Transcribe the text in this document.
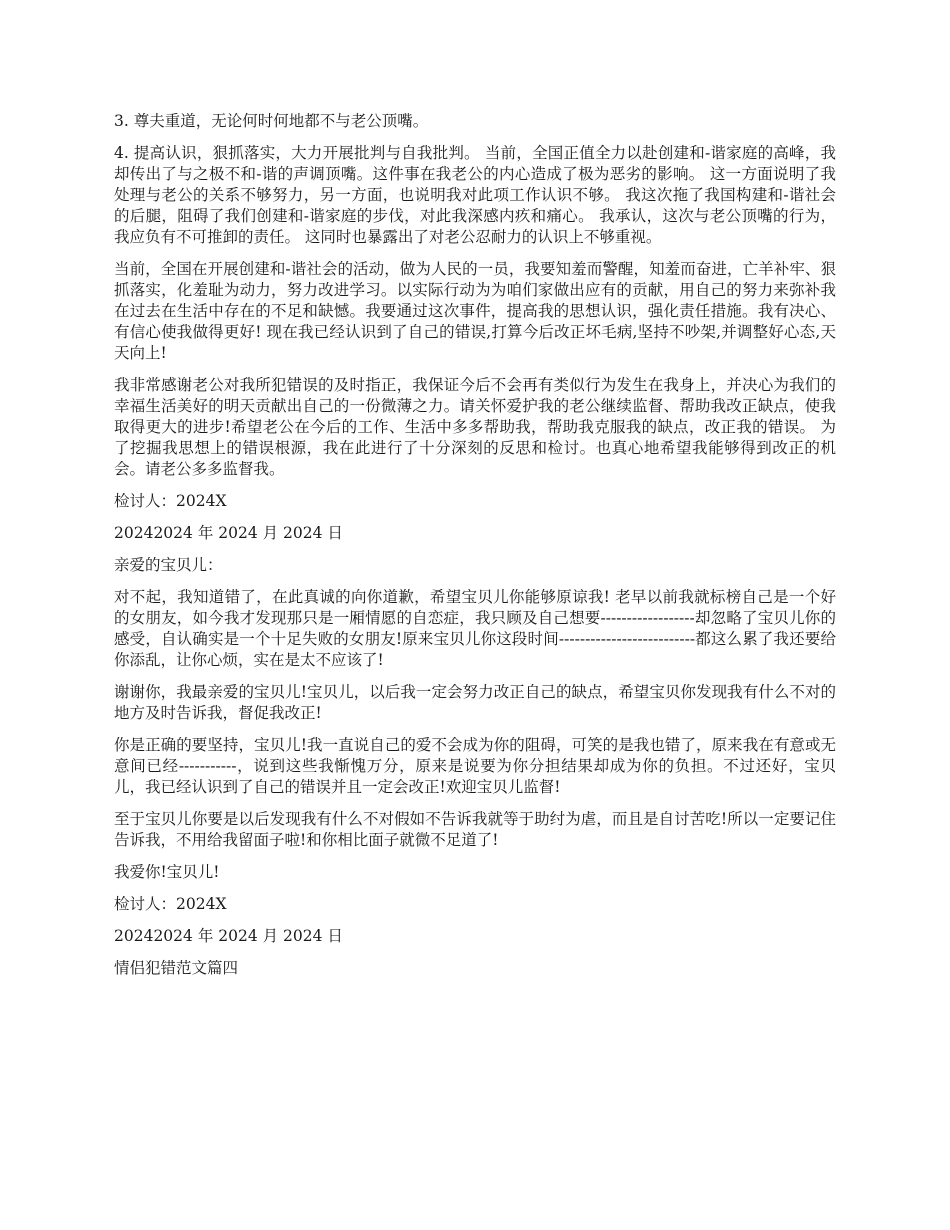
3. 尊夫重道，无论何时何地都不与老公顶嘴。

4. 提高认识，狠抓落实，大力开展批判与自我批判。 当前，全国正值全力以赴创建和-谐家庭的高峰，我却传出了与之极不和-谐的声调顶嘴。这件事在我老公的内心造成了极为恶劣的影响。 这一方面说明了我处理与老公的关系不够努力，另一方面，也说明我对此项工作认识不够。 我这次拖了我国构建和-谐社会的后腿，阻碍了我们创建和-谐家庭的步伐，对此我深感内疚和痛心。 我承认，这次与老公顶嘴的行为，我应负有不可推卸的责任。 这同时也暴露出了对老公忍耐力的认识上不够重视。

当前，全国在开展创建和-谐社会的活动，做为人民的一员，我要知羞而警醒，知羞而奋进，亡羊补牢、狠抓落实，化羞耻为动力，努力改进学习。以实际行动为为咱们家做出应有的贡献，用自己的努力来弥补我在过去在生活中存在的不足和缺憾。我要通过这次事件，提高我的思想认识，强化责任措施。我有决心、有信心使我做得更好! 现在我已经认识到了自己的错误,打算今后改正坏毛病,坚持不吵架,并调整好心态,天天向上!

我非常感谢老公对我所犯错误的及时指正，我保证今后不会再有类似行为发生在我身上，并决心为我们的幸福生活美好的明天贡献出自己的一份微薄之力。请关怀爱护我的老公继续监督、帮助我改正缺点，使我取得更大的进步!希望老公在今后的工作、生活中多多帮助我，帮助我克服我的缺点，改正我的错误。 为了挖掘我思想上的错误根源，我在此进行了十分深刻的反思和检讨。也真心地希望我能够得到改正的机会。请老公多多监督我。

检讨人：2024X

20242024 年 2024 月 2024 日

亲爱的宝贝儿：

对不起，我知道错了，在此真诚的向你道歉，希望宝贝儿你能够原谅我! 老早以前我就标榜自己是一个好的女朋友，如今我才发现那只是一厢情愿的自恋症，我只顾及自己想要------------------却忽略了宝贝儿你的感受，自认确实是一个十足失败的女朋友!原来宝贝儿你这段时间--------------------------都这么累了我还要给你添乱，让你心烦，实在是太不应该了!

谢谢你，我最亲爱的宝贝儿!宝贝儿，以后我一定会努力改正自己的缺点，希望宝贝你发现我有什么不对的地方及时告诉我，督促我改正!

你是正确的要坚持，宝贝儿!我一直说自己的爱不会成为你的阻碍，可笑的是我也错了，原来我在有意或无意间已经-----------，说到这些我惭愧万分，原来是说要为你分担结果却成为你的负担。不过还好，宝贝儿，我已经认识到了自己的错误并且一定会改正!欢迎宝贝儿监督!

至于宝贝儿你要是以后发现我有什么不对假如不告诉我就等于助纣为虐，而且是自讨苦吃!所以一定要记住告诉我，不用给我留面子啦!和你相比面子就微不足道了!

我爱你!宝贝儿!

检讨人：2024X

20242024 年 2024 月 2024 日

情侣犯错范文篇四
